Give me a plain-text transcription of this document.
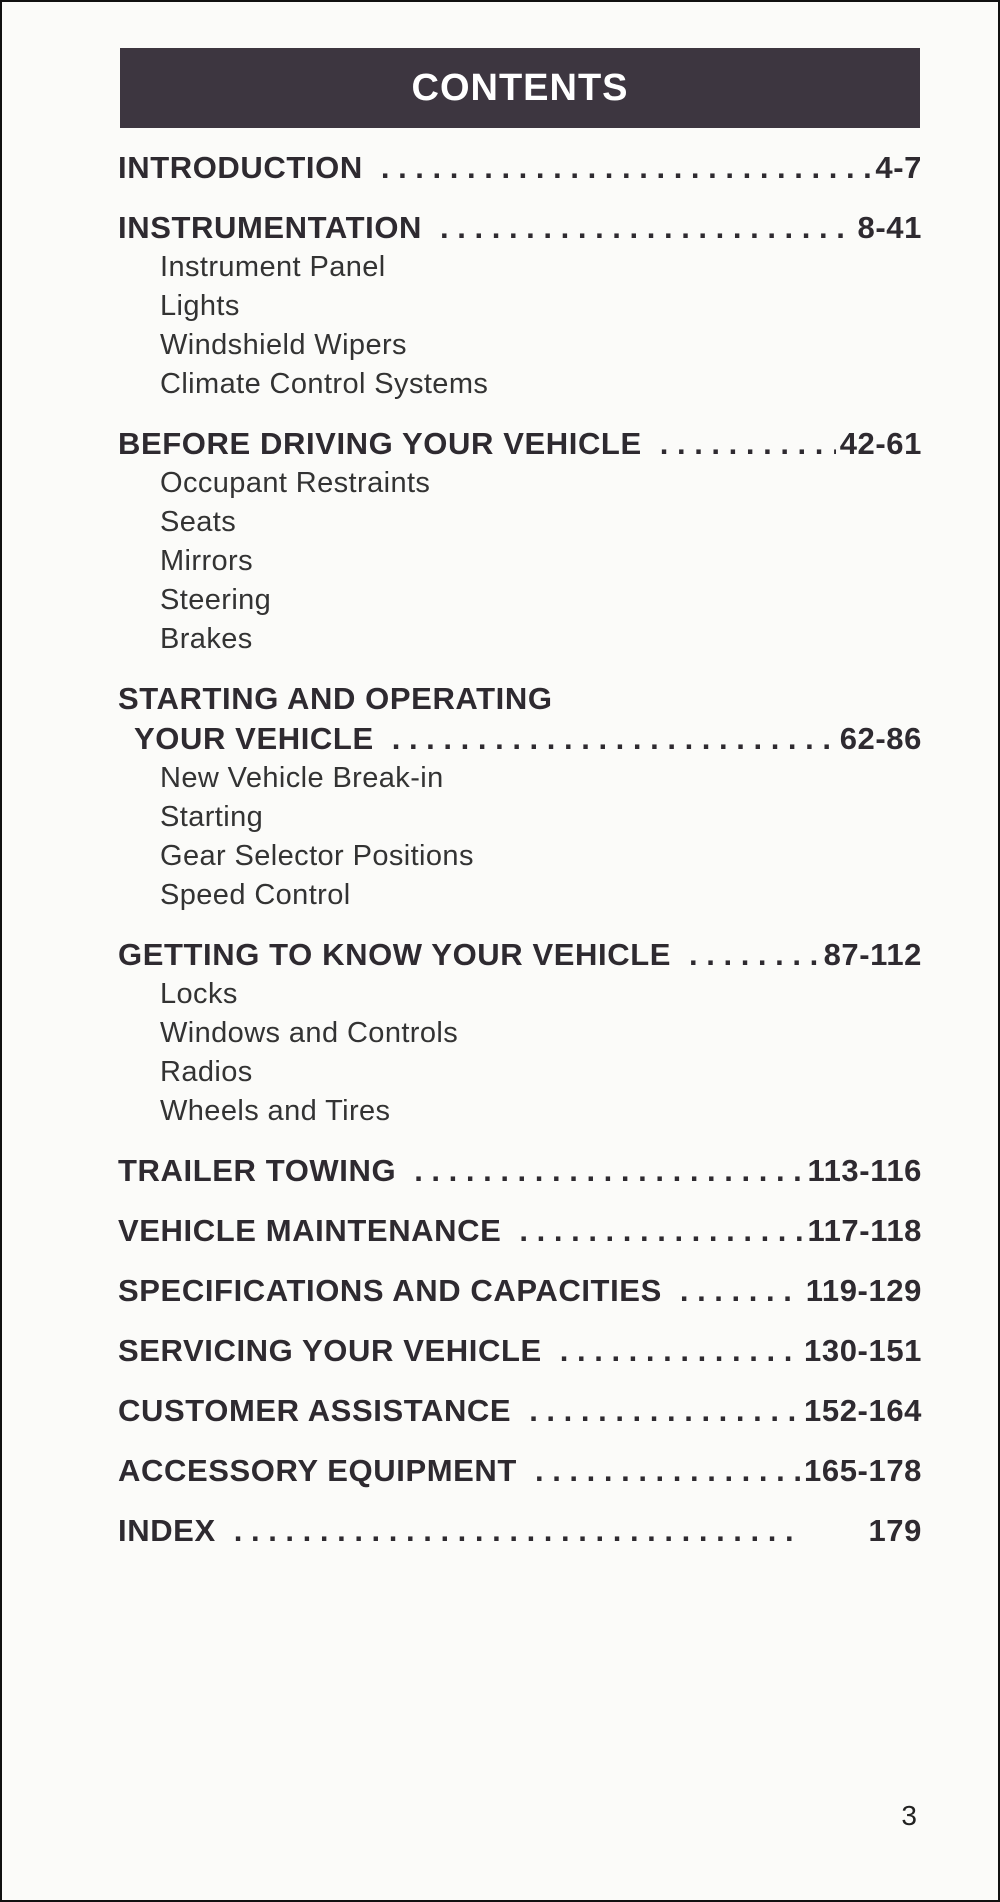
CONTENTS
INTRODUCTION . . .	4-7
INSTRUMENTATION . . .	8-41
Instrument Panel
Lights
Windshield Wipers
Climate Control Systems
BEFORE DRIVING YOUR VEHICLE . . .	42-61
Occupant Restraints
Seats
Mirrors
Steering
Brakes
STARTING AND OPERATING
YOUR VEHICLE . . .	62-86
New Vehicle Break-in
Starting
Gear Selector Positions
Speed Control
GETTING TO KNOW YOUR VEHICLE . . .	87-112
Locks
Windows and Controls
Radios
Wheels and Tires
TRAILER TOWING . . .	113-116
VEHICLE MAINTENANCE . . .	117-118
SPECIFICATIONS AND CAPACITIES . . .	119-129
SERVICING YOUR VEHICLE . . .	130-151
CUSTOMER ASSISTANCE . . .	152-164
ACCESSORY EQUIPMENT . . .	165-178
INDEX . . .	179
3
